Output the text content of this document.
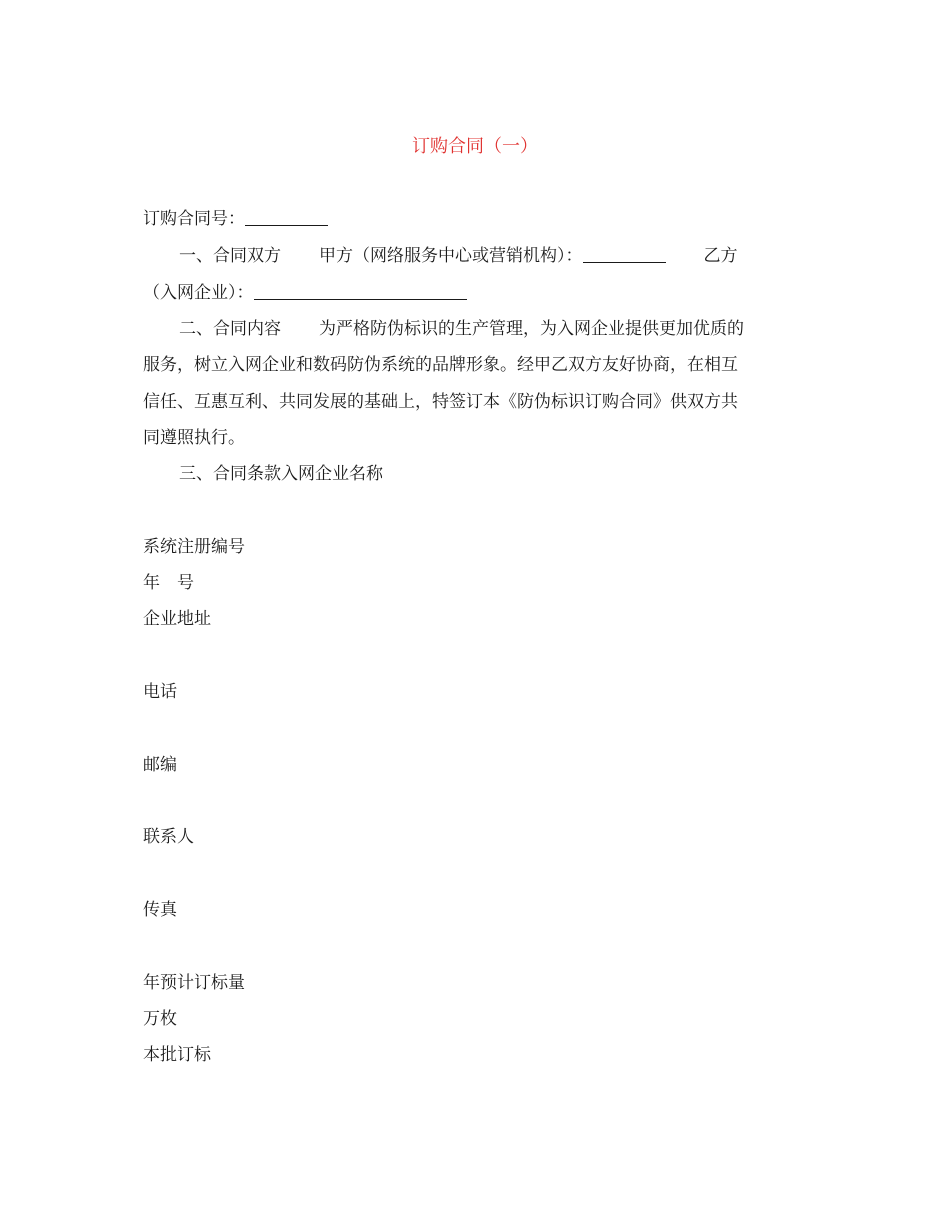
订购合同（一）
订购合同号：
一、合同双方 甲方（网络服务中心或营销机构）：	乙方
（入网企业）：
二、合同内容 为严格防伪标识的生产管理，为入网企业提供更加优质的
服务，树立入网企业和数码防伪系统的品牌形象。经甲乙双方友好协商，在相互
信任、互惠互利、共同发展的基础上，特签订本《防伪标识订购合同》供双方共
同遵照执行。
三、合同条款入网企业名称
系统注册编号
年 号
企业地址
电话
邮编
联系人
传真
年预计订标量
万枚
本批订标
